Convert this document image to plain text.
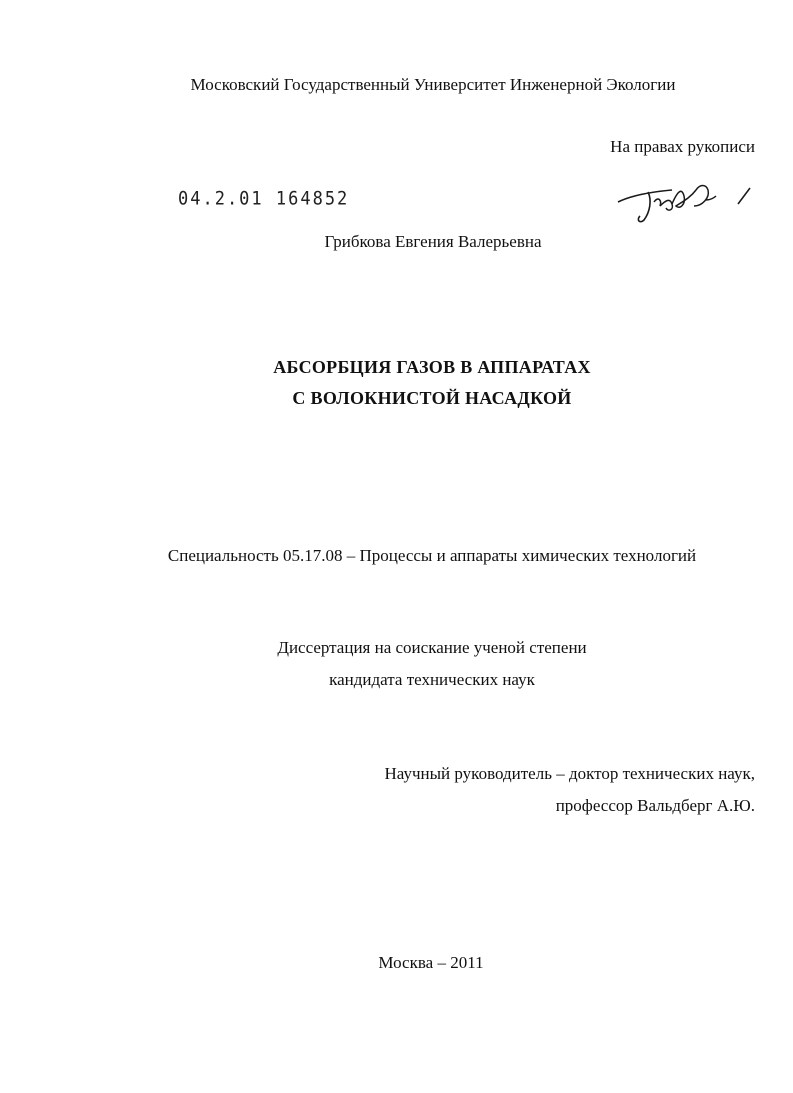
Московский Государственный Университет Инженерной Экологии
На правах рукописи
04.2.01 164852
Грибкова Евгения Валерьевна
АБСОРБЦИЯ ГАЗОВ В АППАРАТАХ
С ВОЛОКНИСТОЙ НАСАДКОЙ
Специальность 05.17.08 – Процессы и аппараты химических технологий
Диссертация на соискание ученой степени
кандидата технических наук
Научный руководитель – доктор технических наук,
профессор Вальдберг А.Ю.
Москва – 2011
